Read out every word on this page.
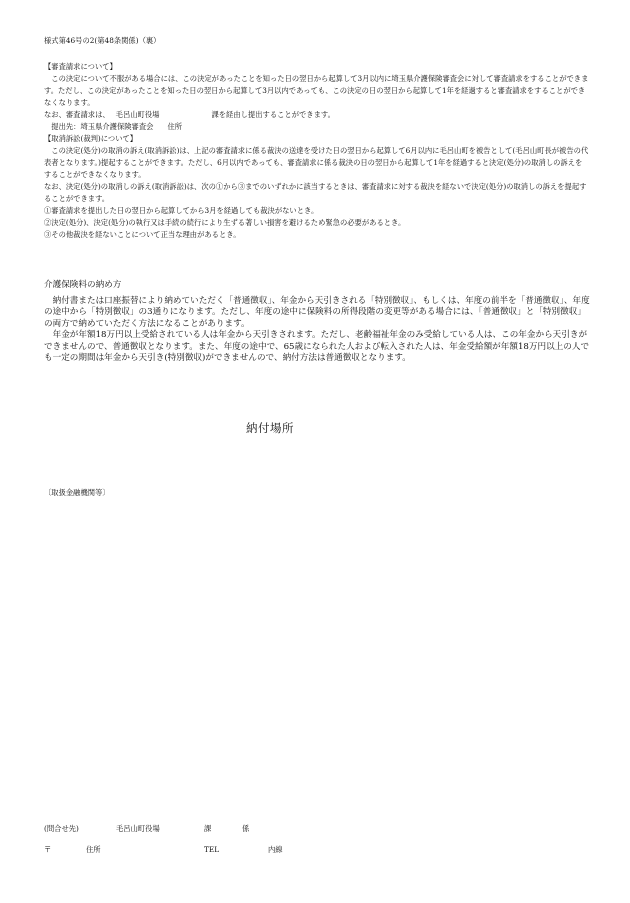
様式第46号の2(第48条関係)（裏）

【審査請求について】

この決定について不服がある場合には、この決定があったことを知った日の翌日から起算して3月以内に埼玉県介護保険審査会に対して審査請求をすることができます。ただし、この決定があったことを知った日の翌日から起算して3月以内であっても、この決定の日の翌日から起算して1年を経過すると審査請求をすることができなくなります。

なお、審査請求は、 毛呂山町役場	課を経由し提出することができます。

提出先：埼玉県介護保険審査会 住所

【取消訴訟(裁判)について】

この決定(処分)の取消の訴え(取消訴訟)は、上記の審査請求に係る裁決の送達を受けた日の翌日から起算して6月以内に毛呂山町を被告として(毛呂山町長が被告の代表者となります。)提起することができます。ただし、6月以内であっても、審査請求に係る裁決の日の翌日から起算して1年を経過すると決定(処分)の取消しの訴えをすることができなくなります。

なお、決定(処分)の取消しの訴え(取消訴訟)は、次の①から③までのいずれかに該当するときは、審査請求に対する裁決を経ないで決定(処分)の取消しの訴えを提起することができます。

①審査請求を提出した日の翌日から起算してから3月を経過しても裁決がないとき。

②決定(処分)、決定(処分)の執行又は手続の続行により生ずる著しい損害を避けるため緊急の必要があるとき。

③その他裁決を経ないことについて正当な理由があるとき。

介護保険料の納め方

納付書または口座振替により納めていただく「普通徴収」、年金から天引きされる「特別徴収」、もしくは、年度の前半を「普通徴収」、年度の途中から「特別徴収」の3通りになります。ただし、年度の途中に保険料の所得段階の変更等がある場合には、「普通徴収」と「特別徴収」の両方で納めていただく方法になることがあります。

年金が年額18万円以上受給されている人は年金から天引きされます。ただし、老齢福祉年金のみ受給している人は、この年金から天引きができませんので、普通徴収となります。また、年度の途中で、65歳になられた人および転入された人は、年金受給額が年額18万円以上の人でも一定の期間は年金から天引き(特別徴収)ができませんので、納付方法は普通徴収となります。

納付場所
〔取扱金融機関等〕
(問合せ先)	毛呂山町役場	課	係
〒	住所	TEL	内線
